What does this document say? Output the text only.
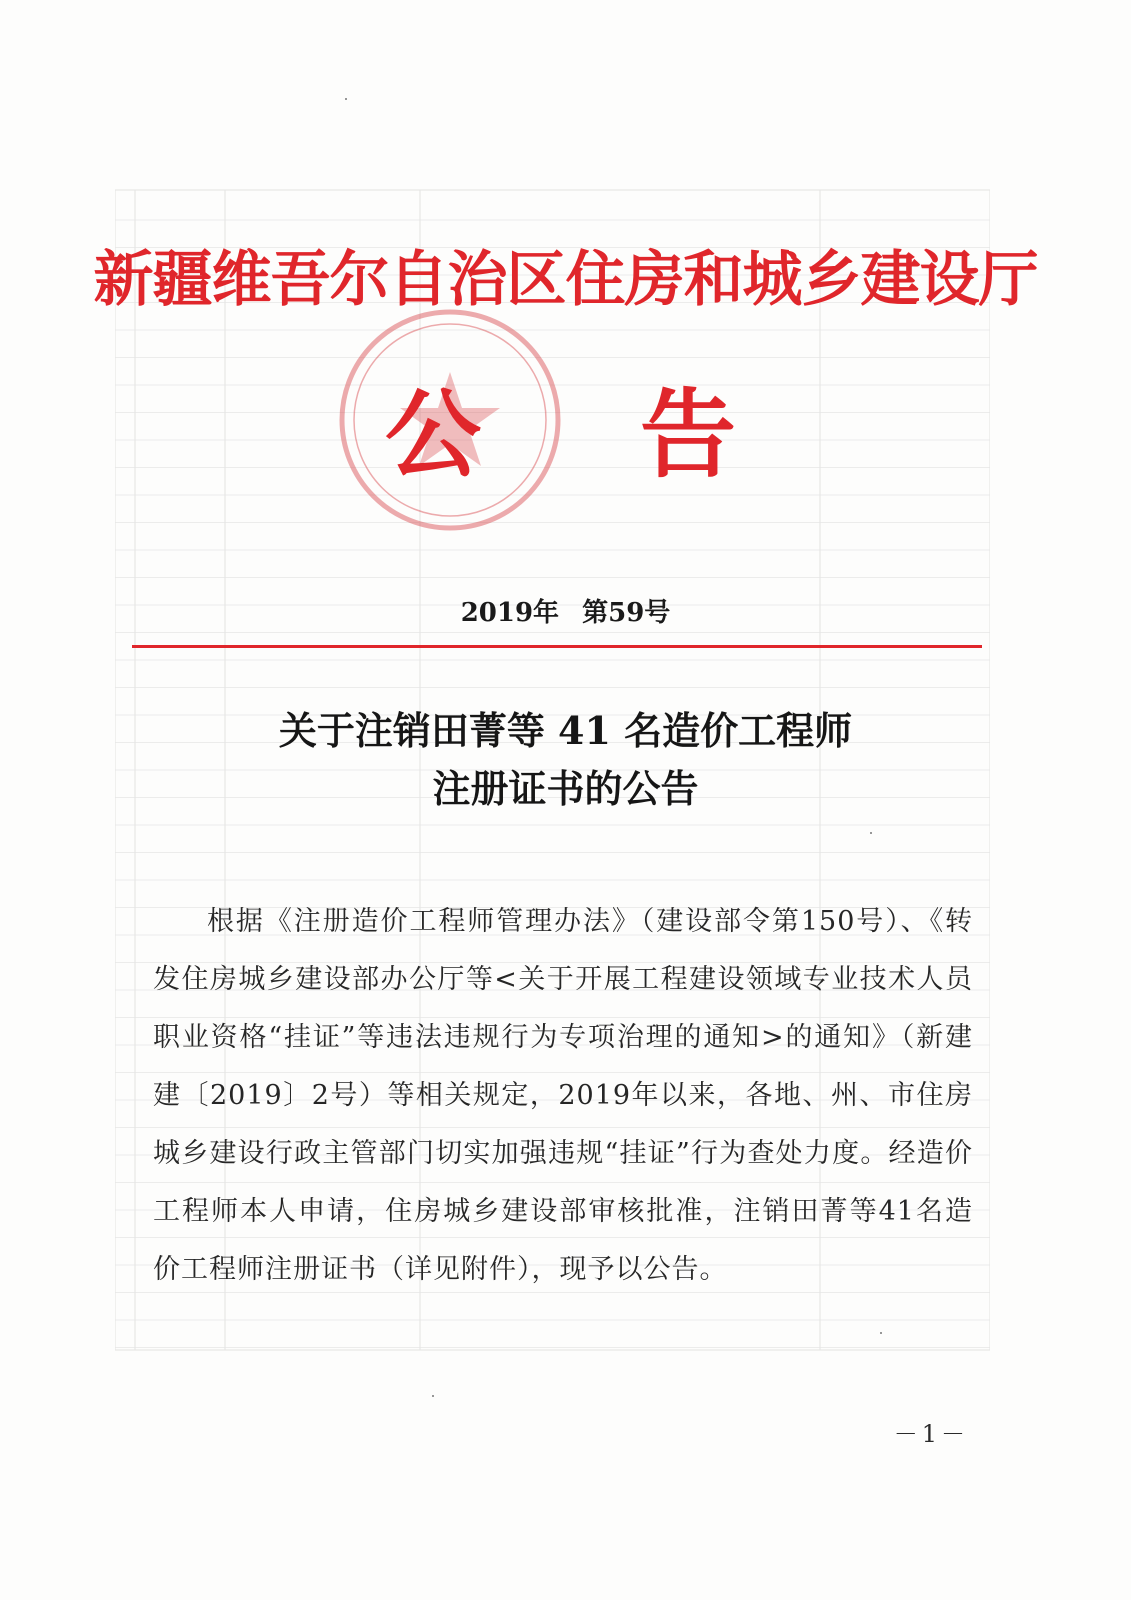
新疆维吾尔自治区住房和城乡建设厅
公 告
2019年 第59号
关于注销田菁等 41 名造价工程师
注册证书的公告
根据《注册造价工程师管理办法》（建设部令第150号）、《转发住房城乡建设部办公厅等<关于开展工程建设领域专业技术人员职业资格“挂证”等违法违规行为专项治理的通知>的通知》（新建建〔2019〕2号）等相关规定，2019年以来，各地、州、市住房城乡建设行政主管部门切实加强违规“挂证”行为查处力度。经造价工程师本人申请，住房城乡建设部审核批准，注销田菁等41名造价工程师注册证书（详见附件），现予以公告。
－1－
